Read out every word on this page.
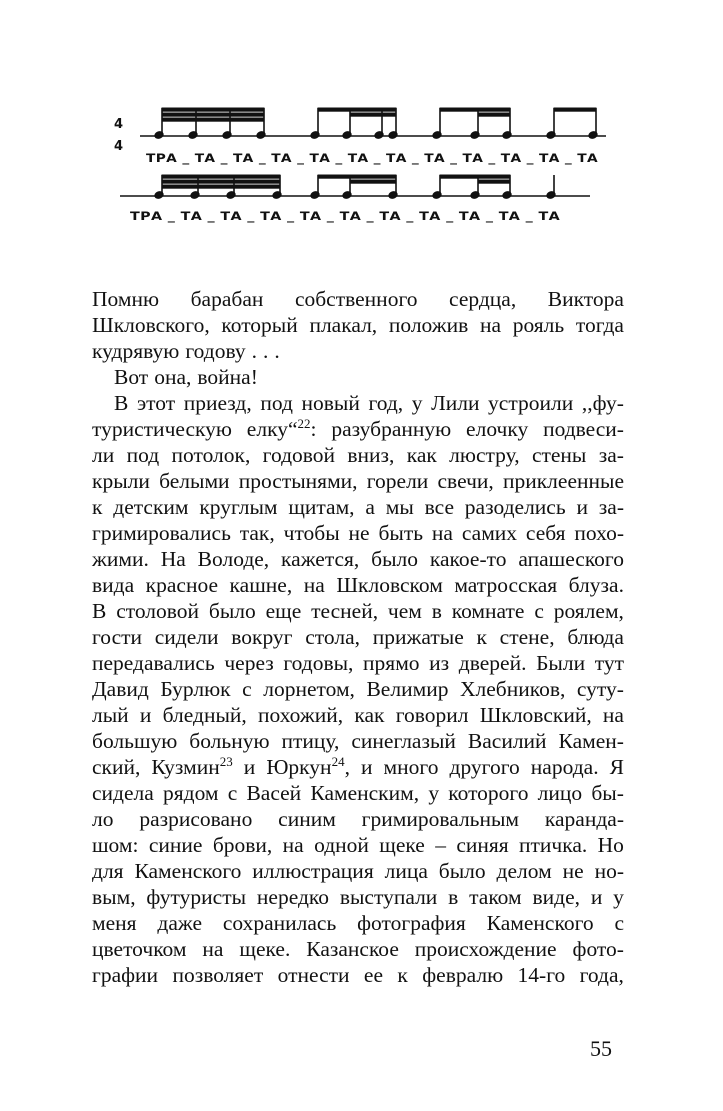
4
4
ТРА _ ТА _ ТА _ ТА _ ТА _ ТА _ ТА _ ТА _ ТА _ ТА _ ТА _ ТА
ТРА _ ТА _ ТА _ ТА _ ТА _ ТА _ ТА _ ТА _ ТА _ ТА _ ТА
Помню барабан собственного сердца, Виктора
Шкловского, который плакал, положив на рояль тогда
кудрявую годову . . .
Вот она, война!
В этот приезд, под новый год, у Лили устроили ,,фу-
туристическую елку“$^{22}$: разубранную елочку подвеси-
ли под потолок, годовой вниз, как люстру, стены за-
крыли белыми простынями, горели свечи, приклеенные
к детским круглым щитам, а мы все разоделись и за-
гримировались так, чтобы не быть на самих себя похо-
жими. На Володе, кажется, было какое-то апашеского
вида красное кашне, на Шкловском матросская блуза.
В столовой было еще тесней, чем в комнате с роялем,
гости сидели вокруг стола, прижатые к стене, блюда
передавались через годовы, прямо из дверей. Были тут
Давид Бурлюк с лорнетом, Велимир Хлебников, суту-
лый и бледный, похожий, как говорил Шкловский, на
большую больную птицу, синеглазый Василий Камен-
ский, Кузмин$^{23}$ и Юркун$^{24}$, и много другого народа. Я
сидела рядом с Васей Каменским, у которого лицо бы-
ло разрисовано синим гримировальным каранда-
шом: синие брови, на одной щеке – синяя птичка. Но
для Каменского иллюстрация лица было делом не но-
вым, футуристы нередко выступали в таком виде, и у
меня даже сохранилась фотография Каменского с
цветочком на щеке. Казанское происхождение фото-
графии позволяет отнести ее к февралю 14-го года,
55
